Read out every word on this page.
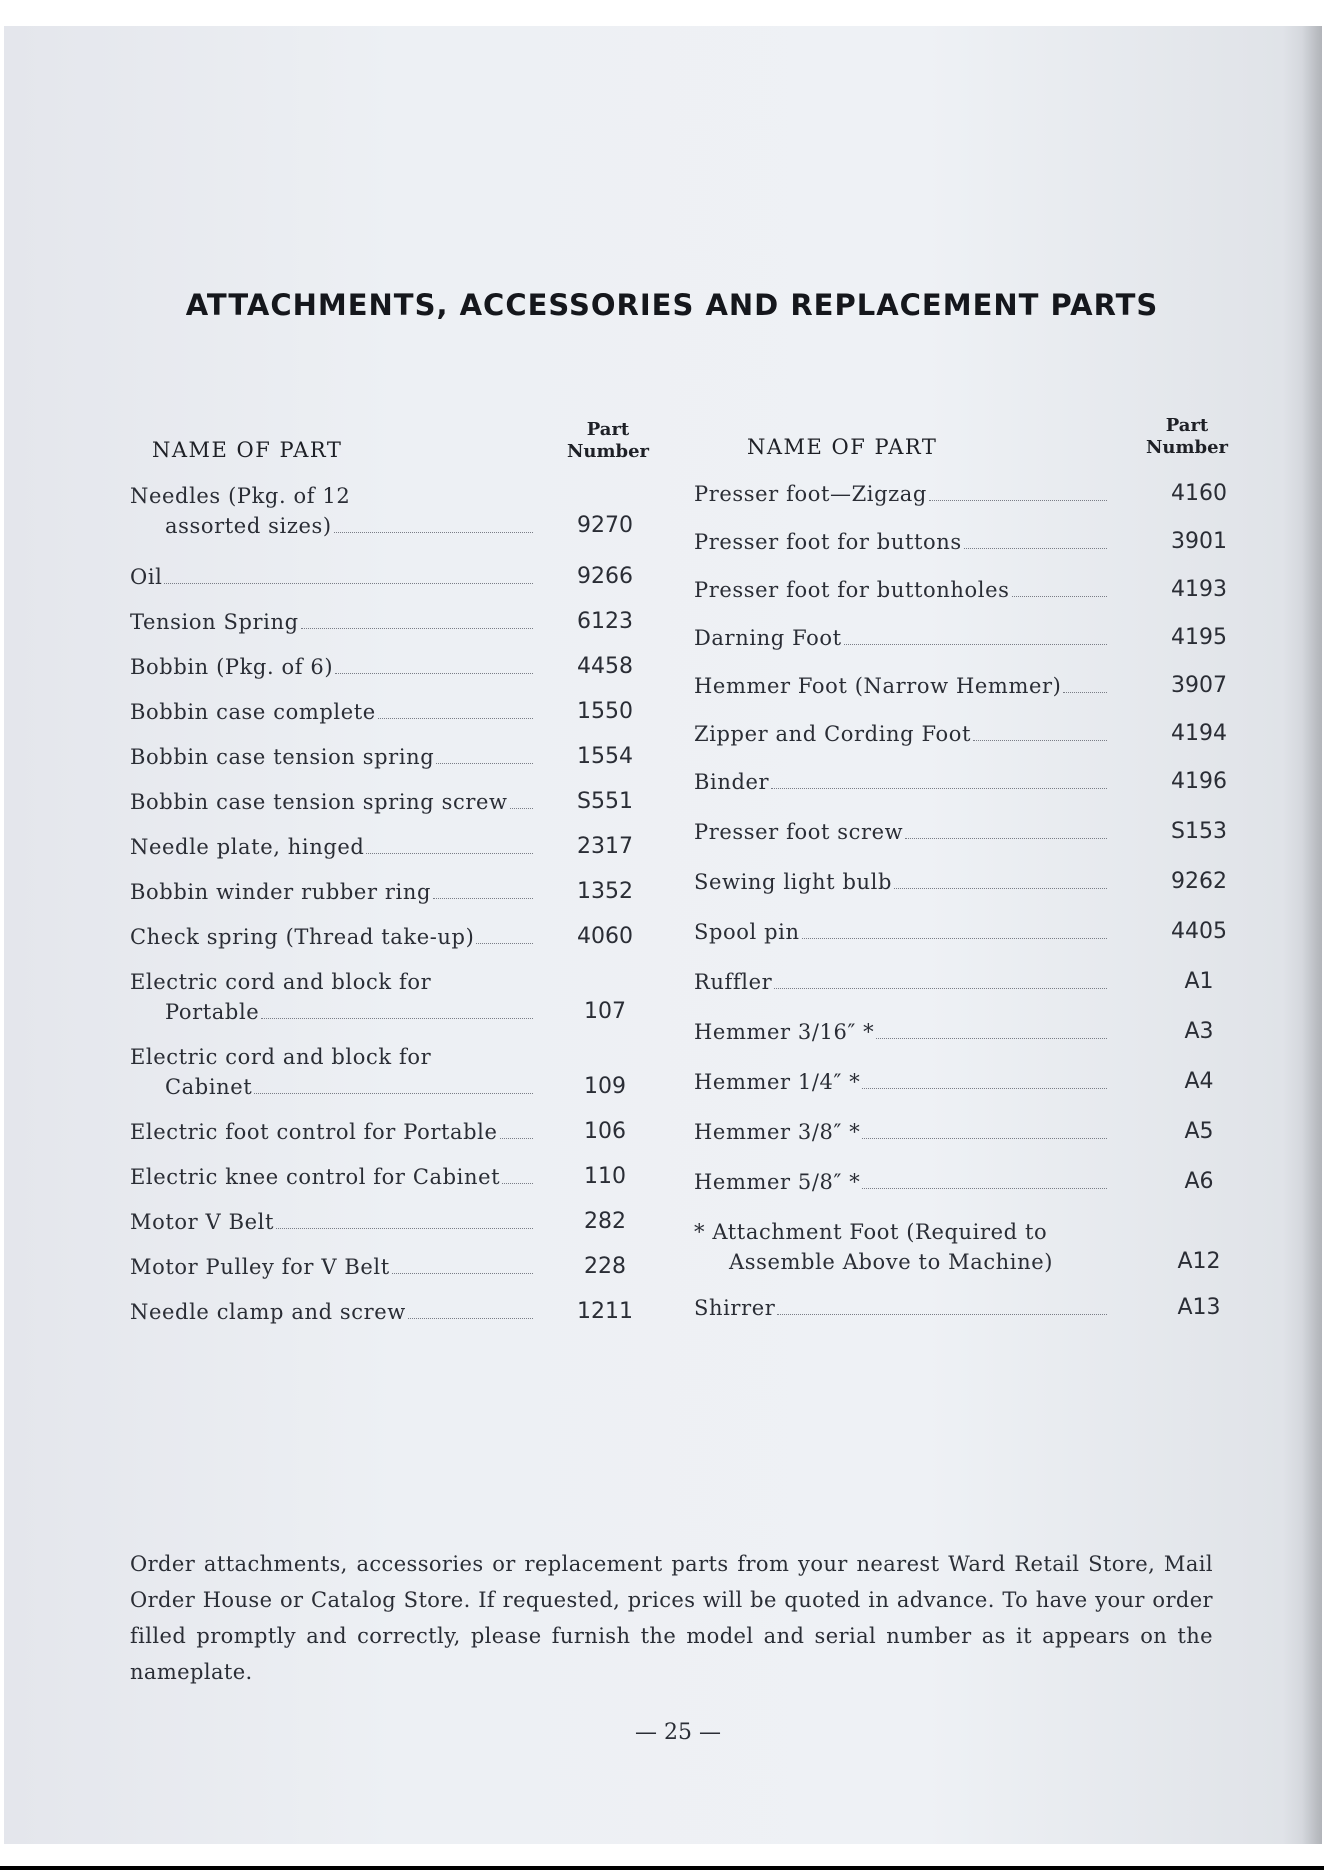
ATTACHMENTS, ACCESSORIES AND REPLACEMENT PARTS
NAME OF PART
Part
Number
Needles (Pkg. of 12
assorted sizes)	9270
Oil	9266
Tension Spring	6123
Bobbin (Pkg. of 6)	4458
Bobbin case complete	1550
Bobbin case tension spring	1554
Bobbin case tension spring screw	S551
Needle plate, hinged	2317
Bobbin winder rubber ring	1352
Check spring (Thread take-up)	4060
Electric cord and block for
Portable	107
Electric cord and block for
Cabinet	109
Electric foot control for Portable	106
Electric knee control for Cabinet	110
Motor V Belt	282
Motor Pulley for V Belt	228
Needle clamp and screw	1211
NAME OF PART
Part
Number
Presser foot—Zigzag	4160
Presser foot for buttons	3901
Presser foot for buttonholes	4193
Darning Foot	4195
Hemmer Foot (Narrow Hemmer)	3907
Zipper and Cording Foot	4194
Binder	4196
Presser foot screw	S153
Sewing light bulb	9262
Spool pin	4405
Ruffler	A1
Hemmer 3/16″ *	A3
Hemmer 1/4″ *	A4
Hemmer 3/8″ *	A5
Hemmer 5/8″ *	A6
* Attachment Foot (Required to
Assemble Above to Machine)	A12
Shirrer	A13

Order attachments, accessories or replacement parts from your nearest Ward Retail Store, Mail Order House or Catalog Store. If requested, prices will be quoted in advance. To have your order filled promptly and correctly, please furnish the model and serial number as it appears on the nameplate.

— 25 —
